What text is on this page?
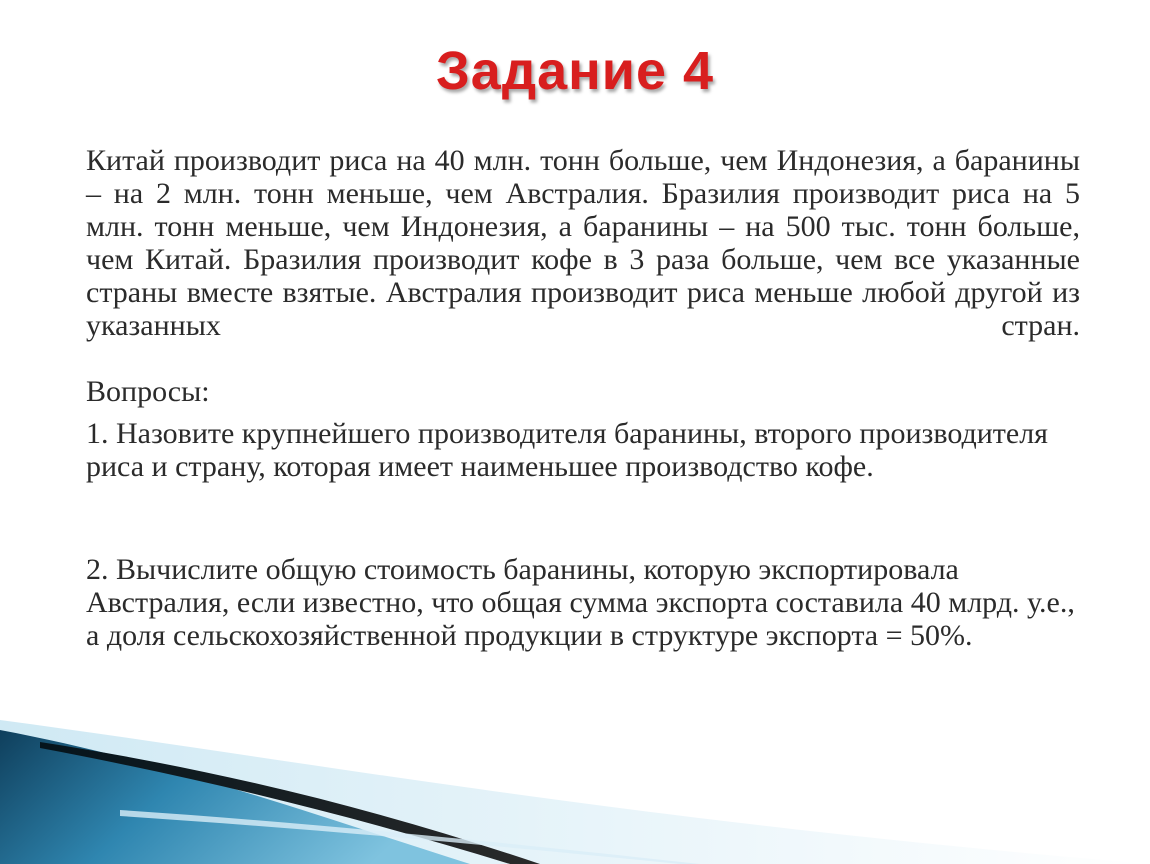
Задание 4
Китай производит риса на 40 млн. тонн больше, чем Индонезия, а баранины – на 2 млн. тонн меньше, чем Австралия. Бразилия производит риса на 5 млн. тонн меньше, чем Индонезия, а баранины – на 500 тыс. тонн больше, чем Китай. Бразилия производит кофе в 3 раза больше, чем все указанные страны вместе взятые. Австралия производит риса меньше любой другой из указанных стран.
Вопросы:
1. Назовите крупнейшего производителя баранины, второго производителя риса и страну, которая имеет наименьшее производство кофе.
2. Вычислите общую стоимость баранины, которую экспортировала Австралия, если известно, что общая сумма экспорта составила 40 млрд. у.е., а доля сельскохозяйственной продукции в структуре экспорта = 50%.
